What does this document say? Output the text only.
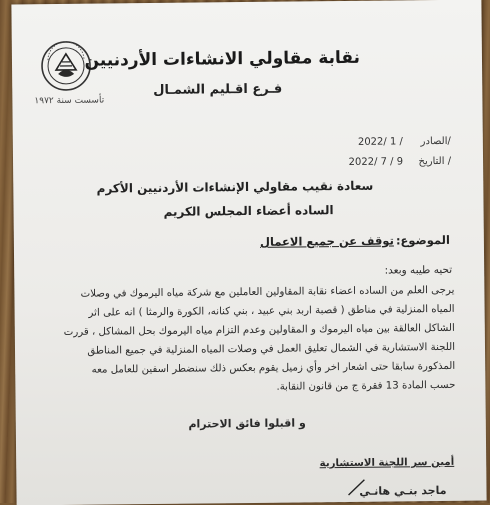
نقابة مقاولي الانشاءات الأردنيين
فـرع اقـليم الشمـال
تأسست سنة ١٩٧٢
الصادر/
2022/ 1 /
التاريخ /
2022/ 7 / 9
سعادة نقيب مقاولي الإنشاءات الأردنيين الأكرم
الساده أعضاء المجلس الكريم
الموضوع:
توقف عن جميع الاعمال
تحيه طيبه وبعد:
يرجى العلم من الساده اعضاء نقابة المقاولين العاملين مع شركة مياه اليرموك في وصلات
المياه المنزلية في مناطق ( قصبة اربد بني عبيد ، بني كنانه، الكورة والرمثا ) انه على اثر
الشاكل العالقة بين مياه اليرموك و المقاولين وعدم التزام مياه اليرموك بحل المشاكل ، قررت
اللجنة الاستشارية في الشمال تعليق العمل في وصلات المياه المنزلية في جميع المناطق
المذكورة سابقا حتى اشعار اخر وأي زميل يقوم بعكس ذلك سنضطر اسفين للعامل معه
حسب المادة 13 فقرة ج من قانون النقابة.
و اقبلوا فائق الاحترام
أمين سر اللجنة الاستشارية
ماجد بنـي هانـي
